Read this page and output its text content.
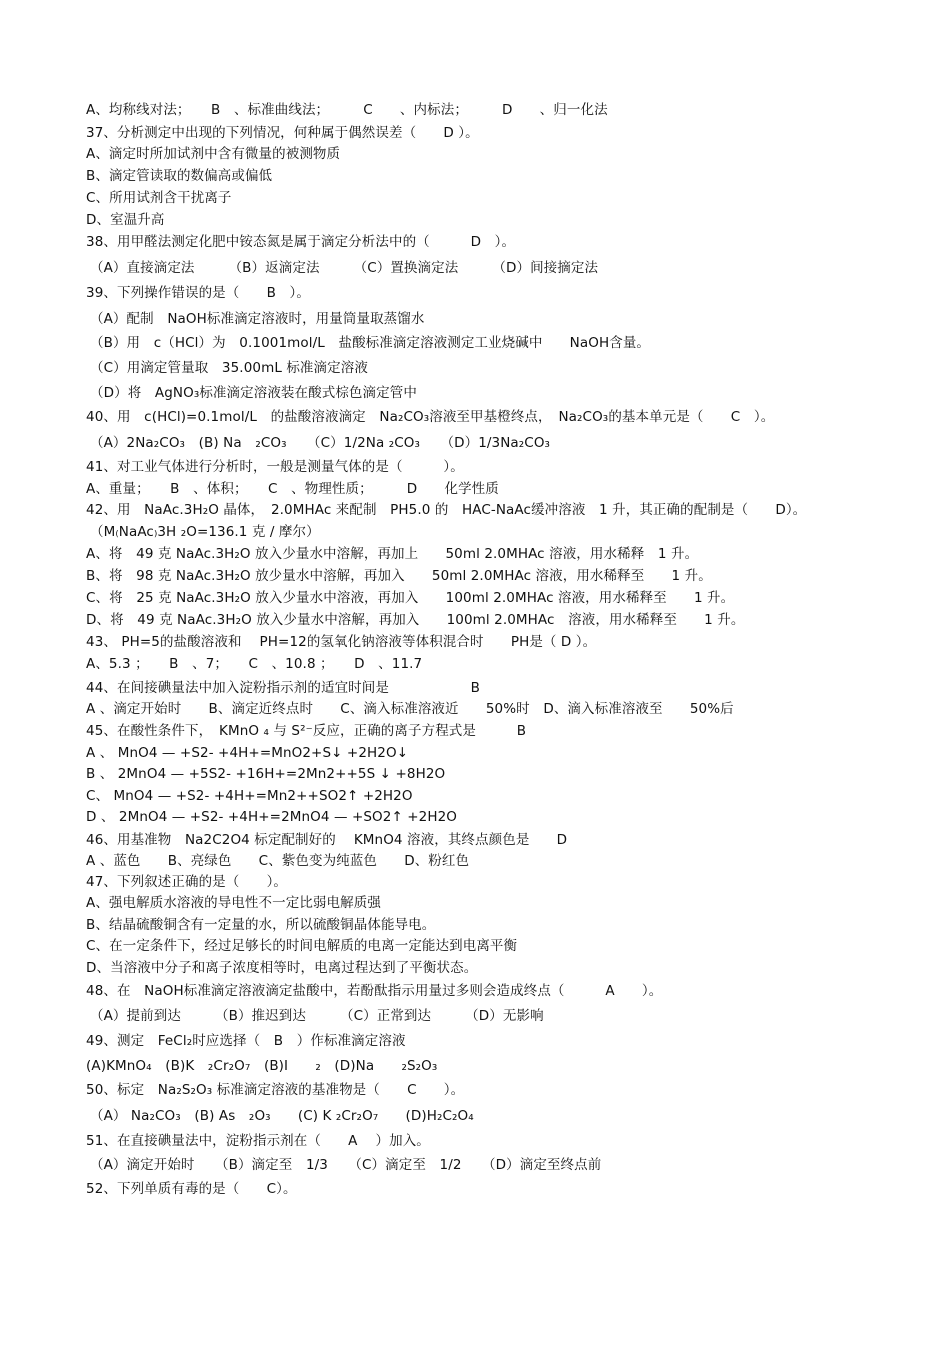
A、均称线对法；　　B　、标准曲线法；　　　C　　、内标法；　　　D　　、归一化法
37、分析测定中出现的下列情况，何种属于偶然误差（　　D ）。
A、滴定时所加试剂中含有微量的被测物质
B、滴定管读取的数偏高或偏低
C、所用试剂含干扰离子
D、室温升高
38、用甲醛法测定化肥中铵态氮是属于滴定分析法中的（　　　D　）。
（A）直接滴定法　　　（B）返滴定法　　　（C）置换滴定法　　　（D）间接摘定法
39、下列操作错误的是（　　B　）。
（A）配制　NaOH标准滴定溶液时，用量筒量取蒸馏水
（B）用　c（HCl）为　0.1001mol/L　盐酸标准滴定溶液测定工业烧碱中　　NaOH含量。
（C）用滴定管量取　35.00mL 标准滴定溶液
（D）将　AgNO₃标准滴定溶液装在酸式棕色滴定管中
40、用　c(HCl)=0.1mol/L　的盐酸溶液滴定　Na₂CO₃溶液至甲基橙终点，　Na₂CO₃的基本单元是（　　C　）。
（A）2Na₂CO₃　(B) Na　₂CO₃　　（C）1/2Na ₂CO₃　　（D）1/3Na₂CO₃
41、对工业气体进行分析时，一般是测量气体的是（　　　）。
A、重量；　　B　、体积；　　C　、物理性质；　　　D　　化学性质
42、用　NaAc.3H₂O 晶体，　2.0MHAc 来配制　PH5.0 的　HAC-NaAc缓冲溶液　1 升，其正确的配制是（　　D）。
（M₍NaAc₎3H ₂O=136.1 克 / 摩尔）
A、将　49 克 NaAc.3H₂O 放入少量水中溶解，再加上　　50ml 2.0MHAc 溶液，用水稀释　1 升。
B、将　98 克 NaAc.3H₂O 放少量水中溶解，再加入　　50ml 2.0MHAc 溶液，用水稀释至　　1 升。
C、将　25 克 NaAc.3H₂O 放入少量水中溶液，再加入　　100ml 2.0MHAc 溶液，用水稀释至　　1 升。
D、将　49 克 NaAc.3H₂O 放入少量水中溶解，再加入　　100ml 2.0MHAc　溶液，用水稀释至　　1 升。
43、 PH=5的盐酸溶液和　 PH=12的氢氧化钠溶液等体积混合时　　PH是（ D ）。
A、5.3 ；　　B　、7；　　C　、10.8 ；　　D　、11.7
44、在间接碘量法中加入淀粉指示剂的适宜时间是　　　　　　B
A 、滴定开始时　　B、滴定近终点时　　C、滴入标准溶液近　　50%时　D、滴入标准溶液至　　50%后
45、在酸性条件下，　KMnO ₄ 与 S²⁻反应，正确的离子方程式是　　　B
A 、 MnO4 — +S2- +4H+=MnO2+S↓ +2H2O↓
B 、 2MnO4 — +5S2- +16H+=2Mn2++5S ↓ +8H2O
C、 MnO4 — +S2- +4H+=Mn2++SO2↑ +2H2O
D 、 2MnO4 — +S2- +4H+=2MnO4 — +SO2↑ +2H2O
46、用基准物　Na2C2O4 标定配制好的　 KMnO4 溶液，其终点颜色是　　D
A 、蓝色　　B、亮绿色　　C、紫色变为纯蓝色　　D、粉红色
47、下列叙述正确的是（　　）。
A、强电解质水溶液的导电性不一定比弱电解质强
B、结晶硫酸铜含有一定量的水，所以硫酸铜晶体能导电。
C、在一定条件下，经过足够长的时间电解质的电离一定能达到电离平衡
D、当溶液中分子和离子浓度相等时，电离过程达到了平衡状态。
48、在　NaOH标准滴定溶液滴定盐酸中，若酚酞指示用量过多则会造成终点（　　　A　　）。
（A）提前到达　　　（B）推迟到达　　　（C）正常到达　　　（D）无影响
49、测定　FeCl₂时应选择（　B　）作标准滴定溶液
(A)KMnO₄　(B)K　₂Cr₂O₇　(B)I　　₂　(D)Na　　₂S₂O₃
50、标定　Na₂S₂O₃ 标准滴定溶液的基准物是（　　C　　）。
（A） Na₂CO₃　(B) As　₂O₃　　(C) K ₂Cr₂O₇　　(D)H₂C₂O₄
51、在直接碘量法中，淀粉指示剂在（　　A　 ）加入。
（A）滴定开始时　　（B）滴定至　1/3　　（C）滴定至　1/2　　（D）滴定至终点前
52、下列单质有毒的是（　　C）。
